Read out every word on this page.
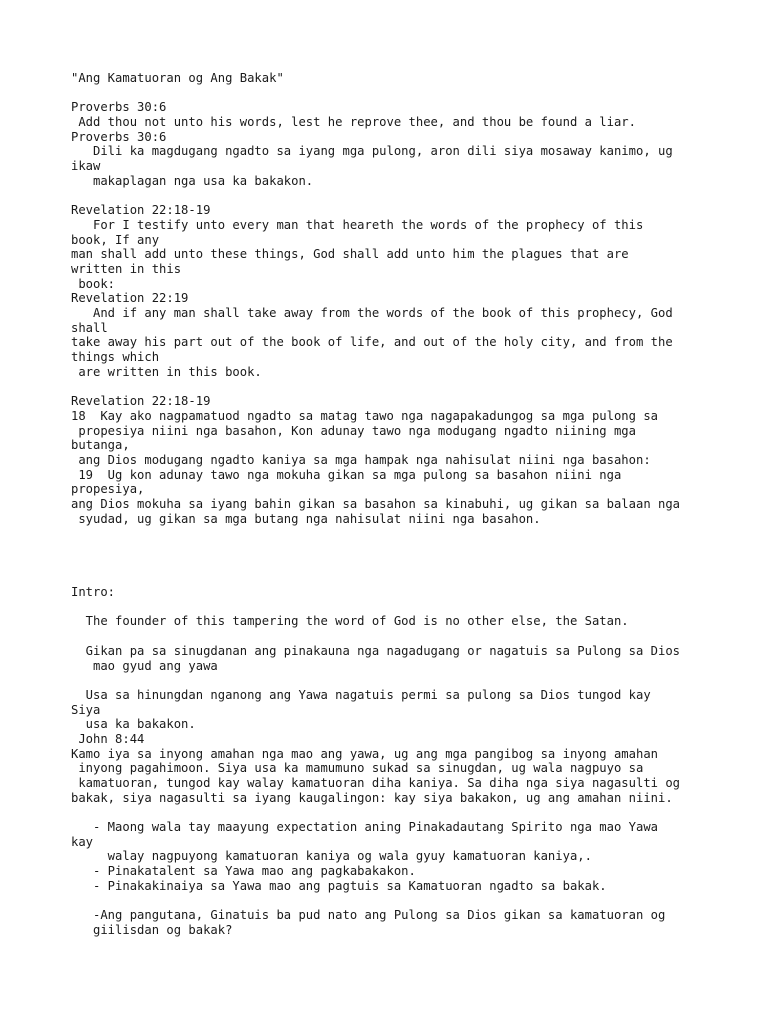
"Ang Kamatuoran og Ang Bakak"
Proverbs 30:6
Add thou not unto his words, lest he reprove thee, and thou be found a liar.
Proverbs 30:6
Dili ka magdugang ngadto sa iyang mga pulong, aron dili siya mosaway kanimo, ug
ikaw
makaplagan nga usa ka bakakon.
Revelation 22:18-19
For I testify unto every man that heareth the words of the prophecy of this
book, If any
man shall add unto these things, God shall add unto him the plagues that are
written in this
book:
Revelation 22:19
And if any man shall take away from the words of the book of this prophecy, God
shall
take away his part out of the book of life, and out of the holy city, and from the
things which
are written in this book.
Revelation 22:18-19
18  Kay ako nagpamatuod ngadto sa matag tawo nga nagapakadungog sa mga pulong sa
propesiya niini nga basahon, Kon adunay tawo nga modugang ngadto niining mga
butanga,
ang Dios modugang ngadto kaniya sa mga hampak nga nahisulat niini nga basahon:
19  Ug kon adunay tawo nga mokuha gikan sa mga pulong sa basahon niini nga
propesiya,
ang Dios mokuha sa iyang bahin gikan sa basahon sa kinabuhi, ug gikan sa balaan nga
syudad, ug gikan sa mga butang nga nahisulat niini nga basahon.
Intro:
The founder of this tampering the word of God is no other else, the Satan.
Gikan pa sa sinugdanan ang pinakauna nga nagadugang or nagatuis sa Pulong sa Dios
mao gyud ang yawa
Usa sa hinungdan nganong ang Yawa nagatuis permi sa pulong sa Dios tungod kay
Siya
usa ka bakakon.
John 8:44
Kamo iya sa inyong amahan nga mao ang yawa, ug ang mga pangibog sa inyong amahan
inyong pagahimoon. Siya usa ka mamumuno sukad sa sinugdan, ug wala nagpuyo sa
kamatuoran, tungod kay walay kamatuoran diha kaniya. Sa diha nga siya nagasulti og
bakak, siya nagasulti sa iyang kaugalingon: kay siya bakakon, ug ang amahan niini.
- Maong wala tay maayung expectation aning Pinakadautang Spirito nga mao Yawa
kay
walay nagpuyong kamatuoran kaniya og wala gyuy kamatuoran kaniya,.
- Pinakatalent sa Yawa mao ang pagkabakakon.
- Pinakakinaiya sa Yawa mao ang pagtuis sa Kamatuoran ngadto sa bakak.
-Ang pangutana, Ginatuis ba pud nato ang Pulong sa Dios gikan sa kamatuoran og
giilisdan og bakak?
